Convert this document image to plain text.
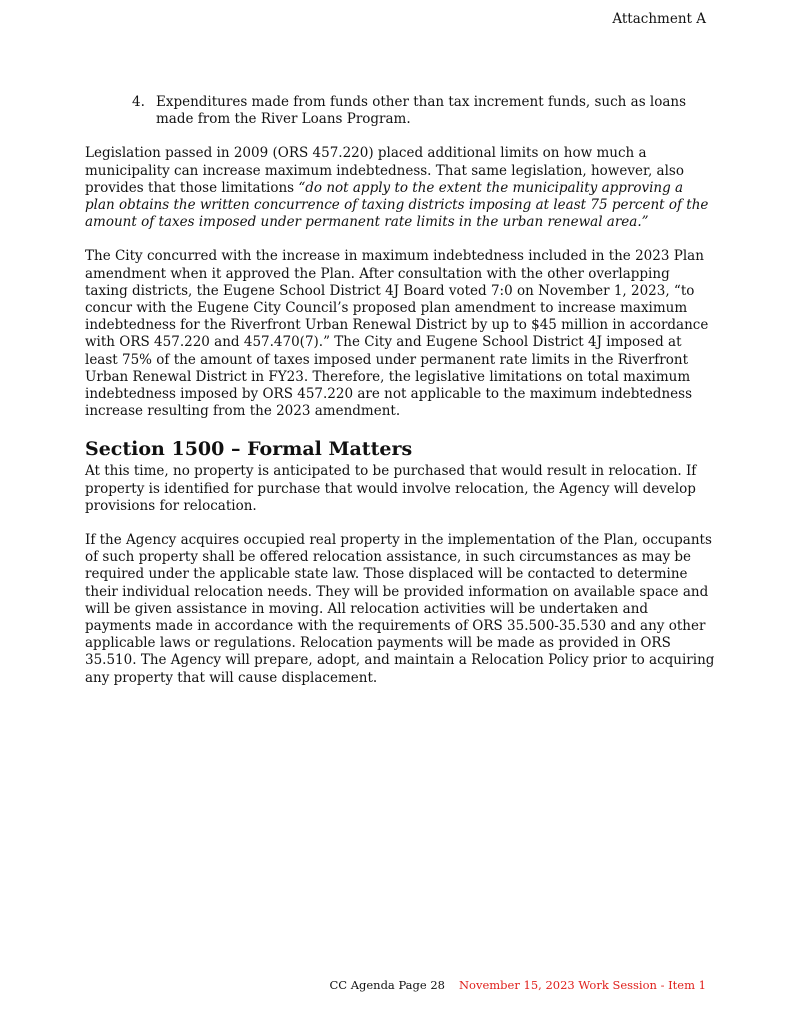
Attachment A
4. Expenditures made from funds other than tax increment funds, such as loans made from the River Loans Program.

Legislation passed in 2009 (ORS 457.220) placed additional limits on how much a municipality can increase maximum indebtedness. That same legislation, however, also provides that those limitations “do not apply to the extent the municipality approving a plan obtains the written concurrence of taxing districts imposing at least 75 percent of the amount of taxes imposed under permanent rate limits in the urban renewal area.”

The City concurred with the increase in maximum indebtedness included in the 2023 Plan amendment when it approved the Plan. After consultation with the other overlapping taxing districts, the Eugene School District 4J Board voted 7:0 on November 1, 2023, “to concur with the Eugene City Council’s proposed plan amendment to increase maximum indebtedness for the Riverfront Urban Renewal District by up to $45 million in accordance with ORS 457.220 and 457.470(7).” The City and Eugene School District 4J imposed at least 75% of the amount of taxes imposed under permanent rate limits in the Riverfront Urban Renewal District in FY23. Therefore, the legislative limitations on total maximum indebtedness imposed by ORS 457.220 are not applicable to the maximum indebtedness increase resulting from the 2023 amendment.

Section 1500 – Formal Matters

At this time, no property is anticipated to be purchased that would result in relocation. If property is identified for purchase that would involve relocation, the Agency will develop provisions for relocation.

If the Agency acquires occupied real property in the implementation of the Plan, occupants of such property shall be offered relocation assistance, in such circumstances as may be required under the applicable state law. Those displaced will be contacted to determine their individual relocation needs. They will be provided information on available space and will be given assistance in moving. All relocation activities will be undertaken and payments made in accordance with the requirements of ORS 35.500-35.530 and any other applicable laws or regulations. Relocation payments will be made as provided in ORS 35.510. The Agency will prepare, adopt, and maintain a Relocation Policy prior to acquiring any property that will cause displacement.

CC Agenda Page 28 November 15, 2023 Work Session - Item 1
